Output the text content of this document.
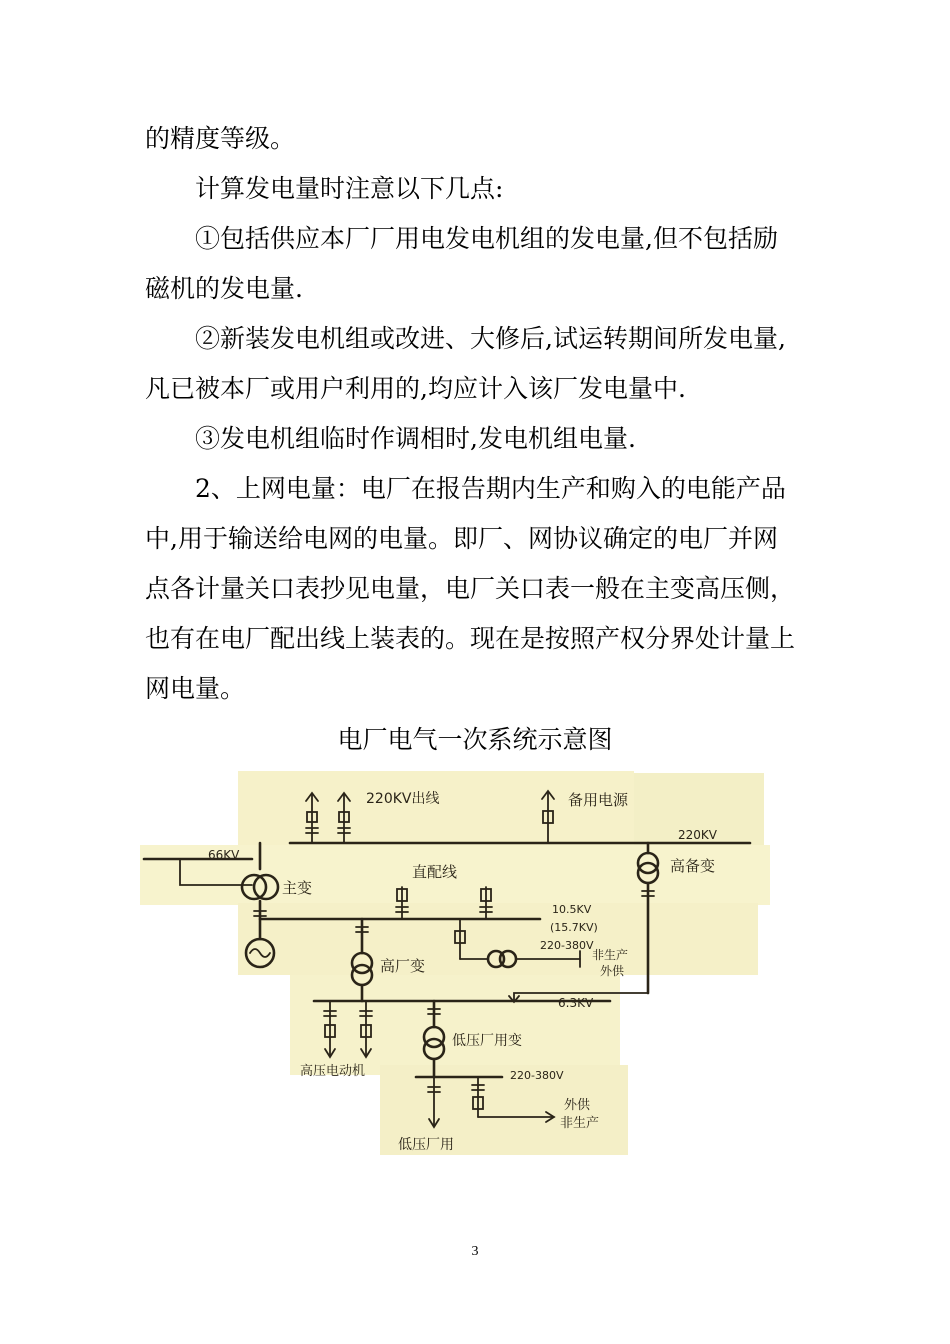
的精度等级。

计算发电量时注意以下几点:

①包括供应本厂厂用电发电机组的发电量,但不包括励

磁机的发电量.

②新装发电机组或改进、大修后,试运转期间所发电量,

凡已被本厂或用户利用的,均应计入该厂发电量中.

③发电机组临时作调相时,发电机组电量.

2、上网电量：电厂在报告期内生产和购入的电能产品

中,用于输送给电网的电量。即厂、网协议确定的电厂并网

点各计量关口表抄见电量，电厂关口表一般在主变高压侧，

也有在电厂配出线上装表的。现在是按照产权分界处计量上

网电量。

电厂电气一次系统示意图

220KV
220KV出线	备用电源
66KV
主变
10.5KV
(15.7KV)
直配线	高备变
高厂变
220-380V
非生产
外供
6.3KV
高压电动机
低压厂用变
220-380V
低压厂用
外供
非生产
3
